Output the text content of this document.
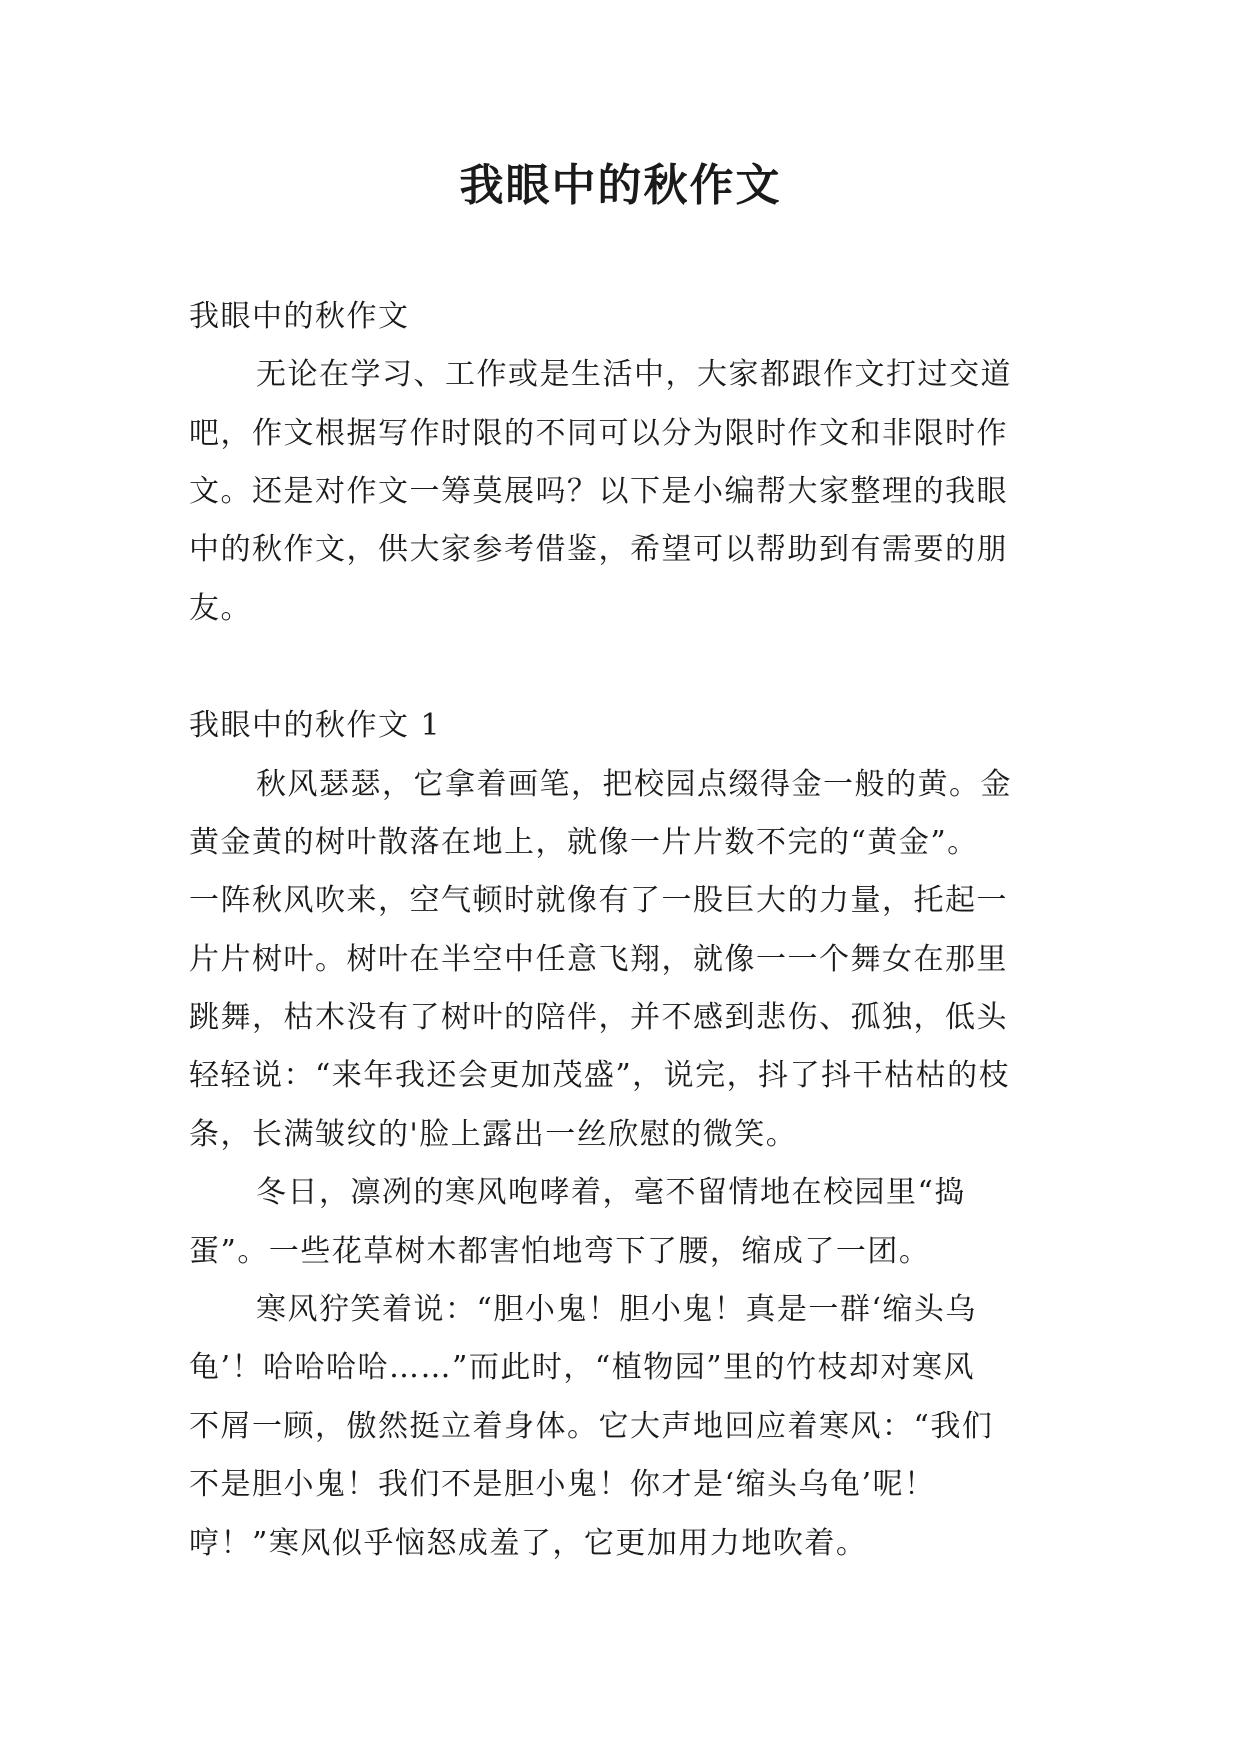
我眼中的秋作文

我眼中的秋作文

无论在学习、工作或是生活中，大家都跟作文打过交道

吧，作文根据写作时限的不同可以分为限时作文和非限时作

文。还是对作文一筹莫展吗？以下是小编帮大家整理的我眼

中的秋作文，供大家参考借鉴，希望可以帮助到有需要的朋

友。

我眼中的秋作文 1

秋风瑟瑟，它拿着画笔，把校园点缀得金一般的黄。金

黄金黄的树叶散落在地上，就像一片片数不完的“黄金”。

一阵秋风吹来，空气顿时就像有了一股巨大的力量，托起一

片片树叶。树叶在半空中任意飞翔，就像一一个舞女在那里

跳舞，枯木没有了树叶的陪伴，并不感到悲伤、孤独，低头

轻轻说：“来年我还会更加茂盛”，说完，抖了抖干枯枯的枝

条，长满皱纹的'脸上露出一丝欣慰的微笑。

冬日，凛冽的寒风咆哮着，毫不留情地在校园里“捣

蛋”。一些花草树木都害怕地弯下了腰，缩成了一团。

寒风狞笑着说：“胆小鬼！胆小鬼！真是一群‘缩头乌

龟’！哈哈哈哈……”而此时，“植物园”里的竹枝却对寒风

不屑一顾，傲然挺立着身体。它大声地回应着寒风：“我们

不是胆小鬼！我们不是胆小鬼！你才是‘缩头乌龟’呢！

哼！”寒风似乎恼怒成羞了，它更加用力地吹着。
